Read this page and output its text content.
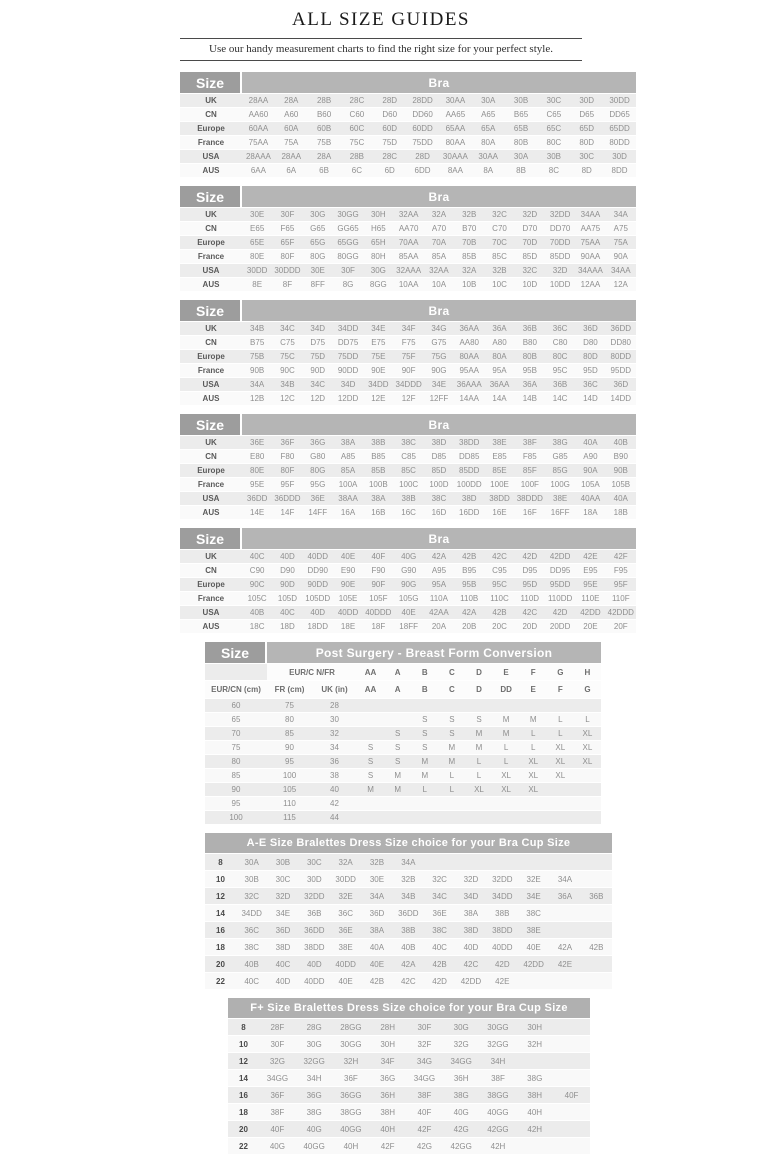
ALL SIZE GUIDES

Use our handy measurement charts to find the right size for your perfect style.

Size	Bra											
UK	28AA	28A	28B	28C	28D	28DD	30AA	30A	30B	30C	30D	30DD
CN	AA60	A60	B60	C60	D60	DD60	AA65	A65	B65	C65	D65	DD65
Europe	60AA	60A	60B	60C	60D	60DD	65AA	65A	65B	65C	65D	65DD
France	75AA	75A	75B	75C	75D	75DD	80AA	80A	80B	80C	80D	80DD
USA	28AAA	28AA	28A	28B	28C	28D	30AAA	30AA	30A	30B	30C	30D
AUS	6AA	6A	6B	6C	6D	6DD	8AA	8A	8B	8C	8D	8DD
Size	Bra												
UK	30E	30F	30G	30GG	30H	32AA	32A	32B	32C	32D	32DD	34AA	34A
CN	E65	F65	G65	GG65	H65	AA70	A70	B70	C70	D70	DD70	AA75	A75
Europe	65E	65F	65G	65GG	65H	70AA	70A	70B	70C	70D	70DD	75AA	75A
France	80E	80F	80G	80GG	80H	85AA	85A	85B	85C	85D	85DD	90AA	90A
USA	30DD	30DDD	30E	30F	30G	32AAA	32AA	32A	32B	32C	32D	34AAA	34AA
AUS	8E	8F	8FF	8G	8GG	10AA	10A	10B	10C	10D	10DD	12AA	12A
Size	Bra												
UK	34B	34C	34D	34DD	34E	34F	34G	36AA	36A	36B	36C	36D	36DD
CN	B75	C75	D75	DD75	E75	F75	G75	AA80	A80	B80	C80	D80	DD80
Europe	75B	75C	75D	75DD	75E	75F	75G	80AA	80A	80B	80C	80D	80DD
France	90B	90C	90D	90DD	90E	90F	90G	95AA	95A	95B	95C	95D	95DD
USA	34A	34B	34C	34D	34DD	34DDD	34E	36AAA	36AA	36A	36B	36C	36D
AUS	12B	12C	12D	12DD	12E	12F	12FF	14AA	14A	14B	14C	14D	14DD
Size	Bra												
UK	36E	36F	36G	38A	38B	38C	38D	38DD	38E	38F	38G	40A	40B
CN	E80	F80	G80	A85	B85	C85	D85	DD85	E85	F85	G85	A90	B90
Europe	80E	80F	80G	85A	85B	85C	85D	85DD	85E	85F	85G	90A	90B
France	95E	95F	95G	100A	100B	100C	100D	100DD	100E	100F	100G	105A	105B
USA	36DD	36DDD	36E	38AA	38A	38B	38C	38D	38DD	38DDD	38E	40AA	40A
AUS	14E	14F	14FF	16A	16B	16C	16D	16DD	16E	16F	16FF	18A	18B
Size	Bra												
UK	40C	40D	40DD	40E	40F	40G	42A	42B	42C	42D	42DD	42E	42F
CN	C90	D90	DD90	E90	F90	G90	A95	B95	C95	D95	DD95	E95	F95
Europe	90C	90D	90DD	90E	90F	90G	95A	95B	95C	95D	95DD	95E	95F
France	105C	105D	105DD	105E	105F	105G	110A	110B	110C	110D	110DD	110E	110F
USA	40B	40C	40D	40DD	40DDD	40E	42AA	42A	42B	42C	42D	42DD	42DDD
AUS	18C	18D	18DD	18E	18F	18FF	20A	20B	20C	20D	20DD	20E	20F
Size	Post Surgery - Breast Form Conversion										
	EUR/C N/FR		AA	A	B	C	D	E	F	G	H
EUR/CN (cm)	FR (cm)	UK (in)	AA	A	B	C	D	DD	E	F	G
60	75	28									
65	80	30			S	S	S	M	M	L	L
70	85	32		S	S	S	M	M	L	L	XL
75	90	34	S	S	S	M	M	L	L	XL	XL
80	95	36	S	S	M	M	L	L	XL	XL	XL
85	100	38	S	M	M	L	L	XL	XL	XL	
90	105	40	M	M	L	L	XL	XL	XL		
95	110	42									
100	115	44									
A-E Size Bralettes Dress Size choice for your Bra Cup Size												
8	30A	30B	30C	32A	32B	34A						
10	30B	30C	30D	30DD	30E	32B	32C	32D	32DD	32E	34A	
12	32C	32D	32DD	32E	34A	34B	34C	34D	34DD	34E	36A	36B
14	34DD	34E	36B	36C	36D	36DD	36E	38A	38B	38C		
16	36C	36D	36DD	36E	38A	38B	38C	38D	38DD	38E		
18	38C	38D	38DD	38E	40A	40B	40C	40D	40DD	40E	42A	42B
20	40B	40C	40D	40DD	40E	42A	42B	42C	42D	42DD	42E	
22	40C	40D	40DD	40E	42B	42C	42D	42DD	42E			
F+ Size Bralettes Dress Size choice for your Bra Cup Size									
8	28F	28G	28GG	28H	30F	30G	30GG	30H	
10	30F	30G	30GG	30H	32F	32G	32GG	32H	
12	32G	32GG	32H	34F	34G	34GG	34H		
14	34GG	34H	36F	36G	34GG	36H	38F	38G	
16	36F	36G	36GG	36H	38F	38G	38GG	38H	40F
18	38F	38G	38GG	38H	40F	40G	40GG	40H	
20	40F	40G	40GG	40H	42F	42G	42GG	42H	
22	40G	40GG	40H	42F	42G	42GG	42H		
